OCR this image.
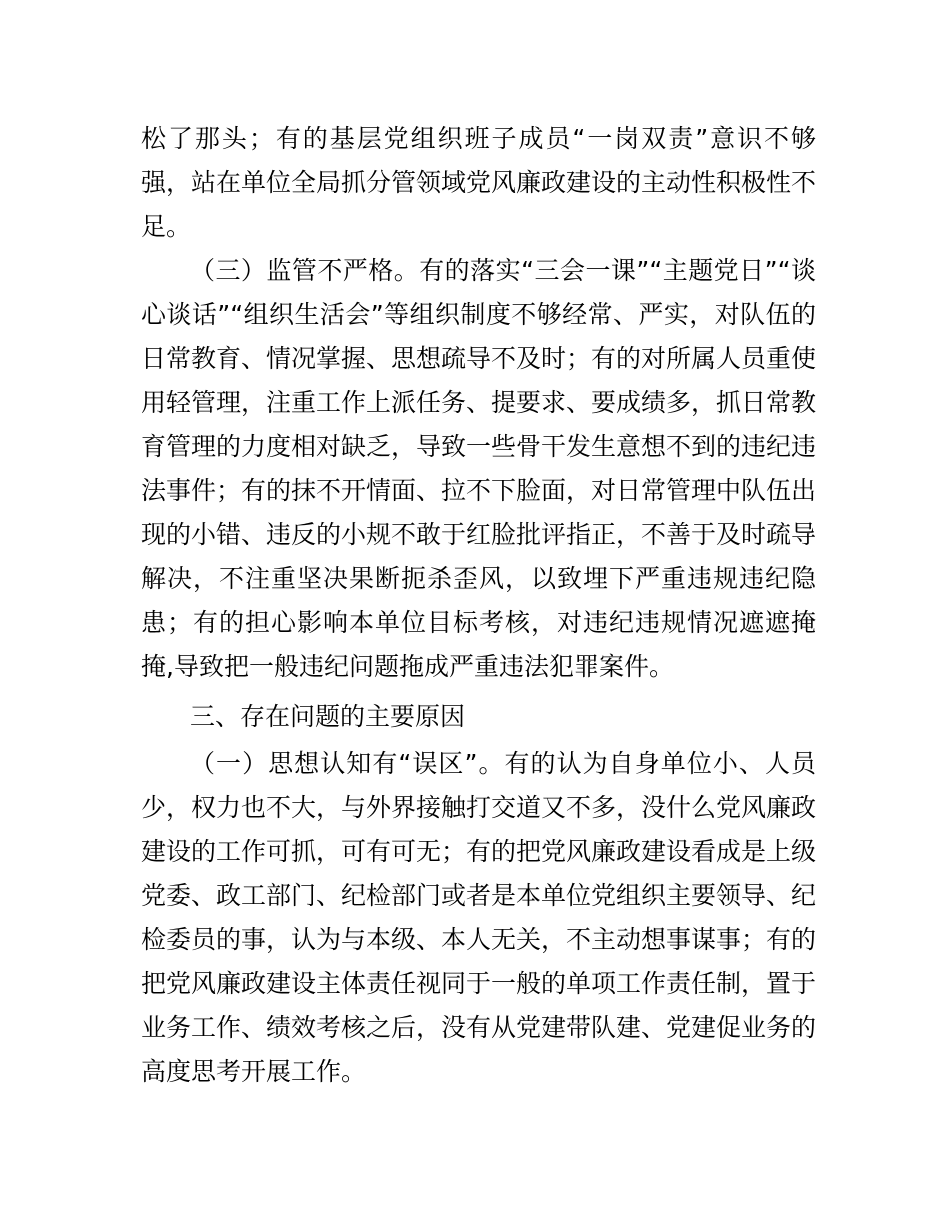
松了那头；有的基层党组织班子成员“一岗双责”意识不够
强，站在单位全局抓分管领域党风廉政建设的主动性积极性不
足。
（三）监管不严格。有的落实“三会一课”“主题党日”“谈
心谈话”“组织生活会”等组织制度不够经常、严实，对队伍的
日常教育、情况掌握、思想疏导不及时；有的对所属人员重使
用轻管理，注重工作上派任务、提要求、要成绩多，抓日常教
育管理的力度相对缺乏，导致一些骨干发生意想不到的违纪违
法事件；有的抹不开情面、拉不下脸面，对日常管理中队伍出
现的小错、违反的小规不敢于红脸批评指正，不善于及时疏导
解决，不注重坚决果断扼杀歪风，以致埋下严重违规违纪隐
患；有的担心影响本单位目标考核，对违纪违规情况遮遮掩
掩,导致把一般违纪问题拖成严重违法犯罪案件。
三、存在问题的主要原因
（一）思想认知有“误区”。有的认为自身单位小、人员
少，权力也不大，与外界接触打交道又不多，没什么党风廉政
建设的工作可抓，可有可无；有的把党风廉政建设看成是上级
党委、政工部门、纪检部门或者是本单位党组织主要领导、纪
检委员的事，认为与本级、本人无关，不主动想事谋事；有的
把党风廉政建设主体责任视同于一般的单项工作责任制，置于
业务工作、绩效考核之后，没有从党建带队建、党建促业务的
高度思考开展工作。
